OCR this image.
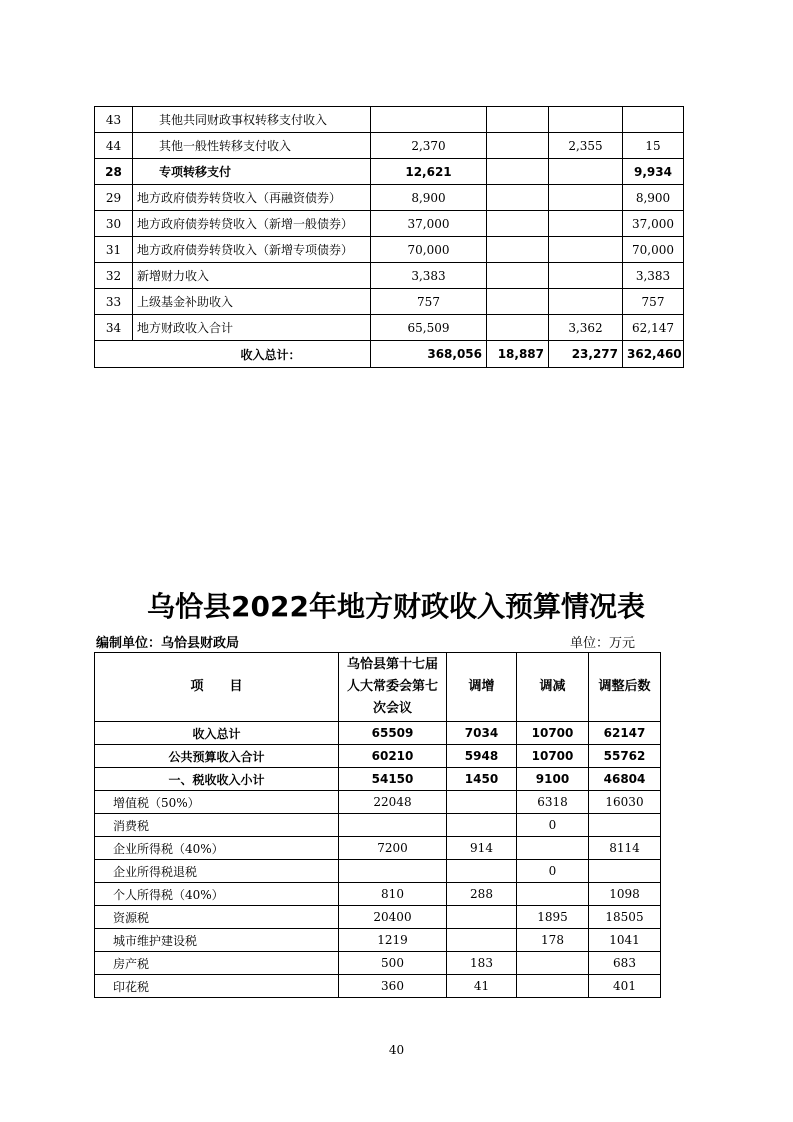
43	其他共同财政事权转移支付收入				
44	其他一般性转移支付收入	2,370		2,355	15
28	专项转移支付	12,621			9,934
29	地方政府债券转贷收入（再融资债券）	8,900			8,900
30	地方政府债券转贷收入（新增一般债券）	37,000			37,000
31	地方政府债券转贷收入（新增专项债券）	70,000			70,000
32	新增财力收入	3,383			3,383
33	上级基金补助收入	757			757
34	地方财政收入合计	65,509		3,362	62,147
收入总计：		368,056	18,887	23,277	362,460
乌恰县2022年地方财政收入预算情况表
编制单位：乌恰县财政局	单位：万元
项　　目	乌恰县第十七届人大常委会第七次会议	调增	调减	调整后数
收入总计	65509	7034	10700	62147
公共预算收入合计	60210	5948	10700	55762
一、税收收入小计	54150	1450	9100	46804
增值税（50%）	22048		6318	16030
消费税			0	
企业所得税（40%）	7200	914		8114
企业所得税退税			0	
个人所得税（40%）	810	288		1098
资源税	20400		1895	18505
城市维护建设税	1219		178	1041
房产税	500	183		683
印花税	360	41		401
40
